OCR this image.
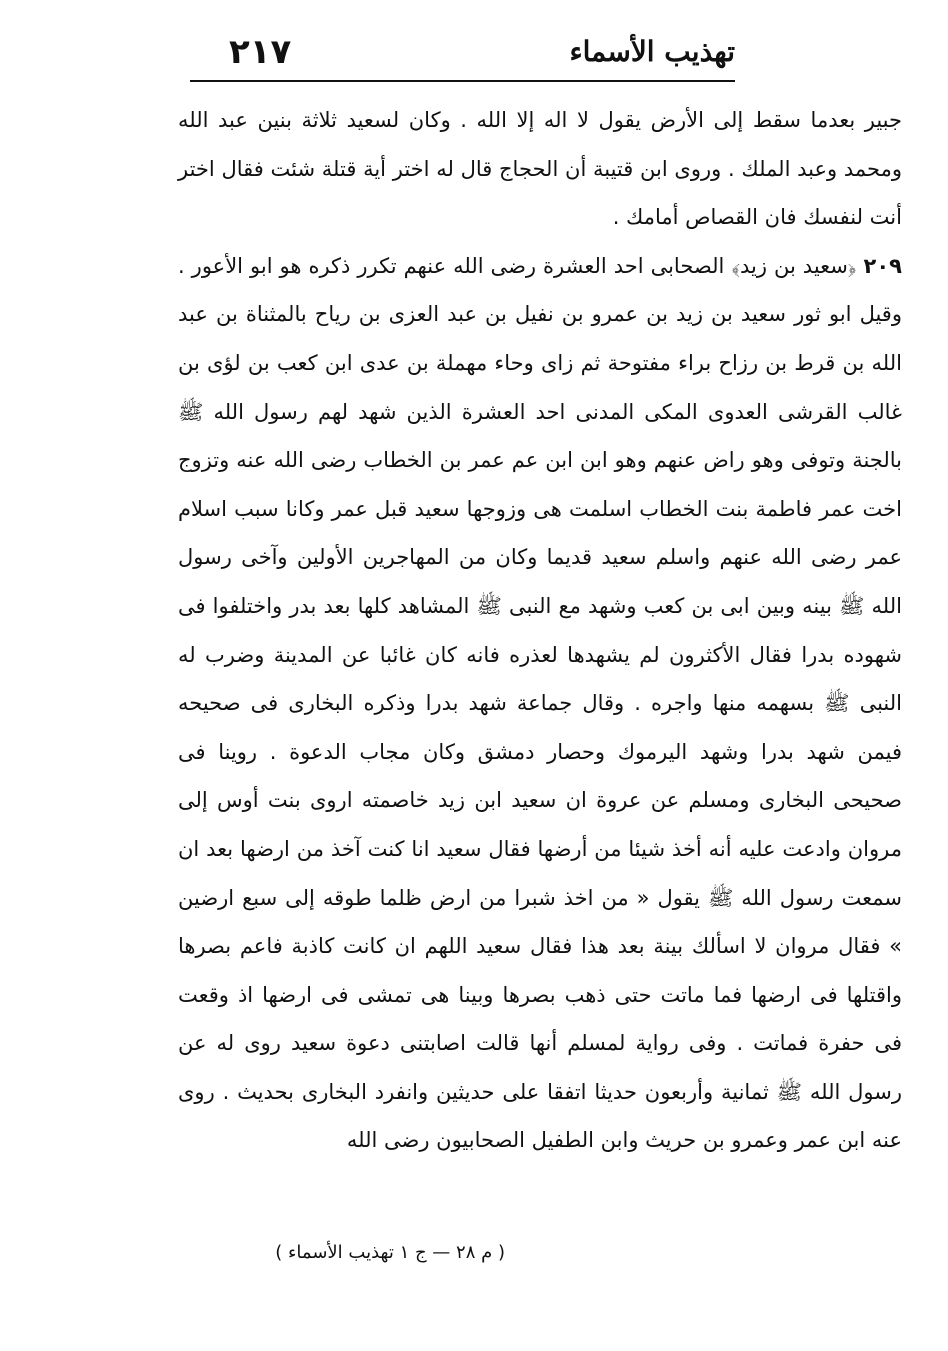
٢١٧	تهذيب الأسماء

جبير بعدما سقط إلى الأرض يقول لا اله إلا الله . وكان لسعيد ثلاثة بنين عبد الله ومحمد وعبد الملك . وروى ابن قتيبة أن الحجاج قال له اختر أية قتلة شئت فقال اختر أنت لنفسك فان القصاص أمامك .

٢٠٩ ﴿سعيد بن زيد﴾ الصحابى احد العشرة رضى الله عنهم تكرر ذكره هو ابو الأعور . وقيل ابو ثور سعيد بن زيد بن عمرو بن نفيل بن عبد العزى بن رياح بالمثناة بن عبد الله بن قرط بن رزاح براء مفتوحة ثم زاى وحاء مهملة بن عدى ابن كعب بن لؤى بن غالب القرشى العدوى المكى المدنى احد العشرة الذين شهد لهم رسول الله ﷺ بالجنة وتوفى وهو راض عنهم وهو ابن ابن عم عمر بن الخطاب رضى الله عنه وتزوج اخت عمر فاطمة بنت الخطاب اسلمت هى وزوجها سعيد قبل عمر وكانا سبب اسلام عمر رضى الله عنهم واسلم سعيد قديما وكان من المهاجرين الأولين وآخى رسول الله ﷺ بينه وبين ابى بن كعب وشهد مع النبى ﷺ المشاهد كلها بعد بدر واختلفوا فى شهوده بدرا فقال الأكثرون لم يشهدها لعذره فانه كان غائبا عن المدينة وضرب له النبى ﷺ بسهمه منها واجره . وقال جماعة شهد بدرا وذكره البخارى فى صحيحه فيمن شهد بدرا وشهد اليرموك وحصار دمشق وكان مجاب الدعوة . روينا فى صحيحى البخارى ومسلم عن عروة ان سعيد ابن زيد خاصمته اروى بنت أوس إلى مروان وادعت عليه أنه أخذ شيئا من أرضها فقال سعيد انا كنت آخذ من ارضها بعد ان سمعت رسول الله ﷺ يقول « من اخذ شبرا من ارض ظلما طوقه إلى سبع ارضين » فقال مروان لا اسألك بينة بعد هذا فقال سعيد اللهم ان كانت كاذبة فاعم بصرها واقتلها فى ارضها فما ماتت حتى ذهب بصرها وبينا هى تمشى فى ارضها اذ وقعت فى حفرة فماتت . وفى رواية لمسلم أنها قالت اصابتنى دعوة سعيد روى له عن رسول الله ﷺ ثمانية وأربعون حديثا اتفقا على حديثين وانفرد البخارى بحديث . روى عنه ابن عمر وعمرو بن حريث وابن الطفيل الصحابيون رضى الله

( م ٢٨ — ج ١ تهذيب الأسماء )
